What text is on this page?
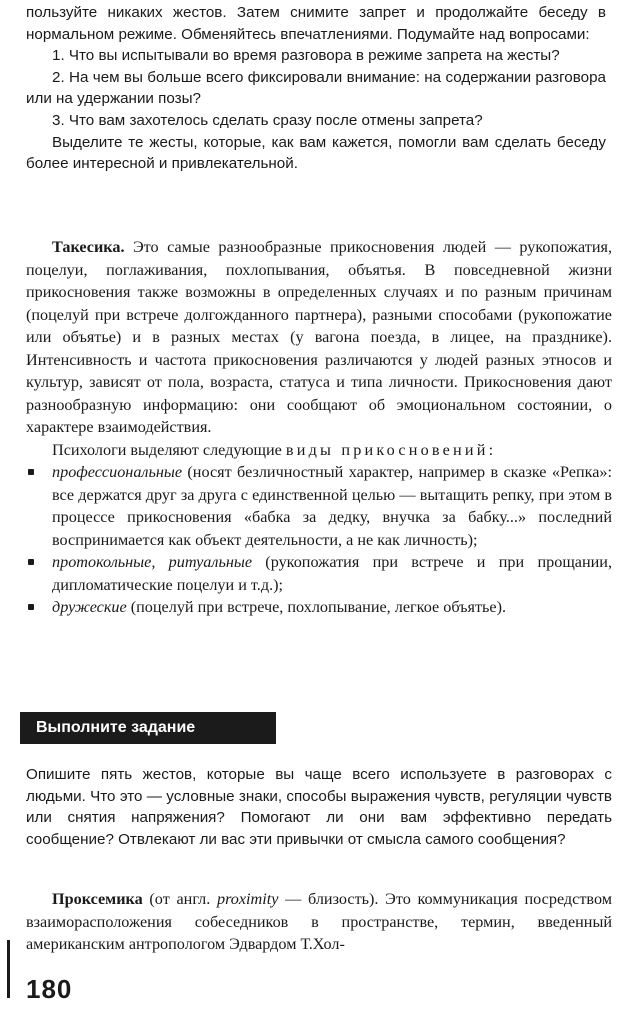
пользуйте никаких жестов. Затем снимите запрет и продолжайте беседу в нормальном режиме. Обменяйтесь впечатлениями. Подумайте над вопросами:

1. Что вы испытывали во время разговора в режиме запрета на жесты?

2. На чем вы больше всего фиксировали внимание: на содержании разговора или на удержании позы?

3. Что вам захотелось сделать сразу после отмены запрета?

Выделите те жесты, которые, как вам кажется, помогли вам сделать беседу более интересной и привлекательной.

Такесика. Это самые разнообразные прикосновения людей — рукопожатия, поцелуи, поглаживания, похлопывания, объятья. В повседневной жизни прикосновения также возможны в определенных случаях и по разным причинам (поцелуй при встрече долгожданного партнера), разными способами (рукопожатие или объятье) и в разных местах (у вагона поезда, в лицее, на празднике). Интенсивность и частота прикосновения различаются у людей разных этносов и культур, зависят от пола, возраста, статуса и типа личности. Прикосновения дают разнообразную информацию: они сообщают об эмоциональном состоянии, о характере взаимодействия.

Психологи выделяют следующие виды прикосновений:

профессиональные (носят безличностный характер, например в сказке «Репка»: все держатся друг за друга с единственной целью — вытащить репку, при этом в процессе прикосновения «бабка за дедку, внучка за бабку...» последний воспринимается как объект деятельности, а не как личность);
протокольные, ритуальные (рукопожатия при встрече и при прощании, дипломатические поцелуи и т.д.);
дружеские (поцелуй при встрече, похлопывание, легкое объятье).
Выполните задание

Опишите пять жестов, которые вы чаще всего используете в разговорах с людьми. Что это — условные знаки, способы выражения чувств, регуляции чувств или снятия напряжения? Помогают ли они вам эффективно передать сообщение? Отвлекают ли вас эти привычки от смысла самого сообщения?

Проксемика (от англ. proximity — близость). Это коммуникация посредством взаиморасположения собеседников в пространстве, термин, введенный американским антропологом Эдвардом Т.Хол-

180
